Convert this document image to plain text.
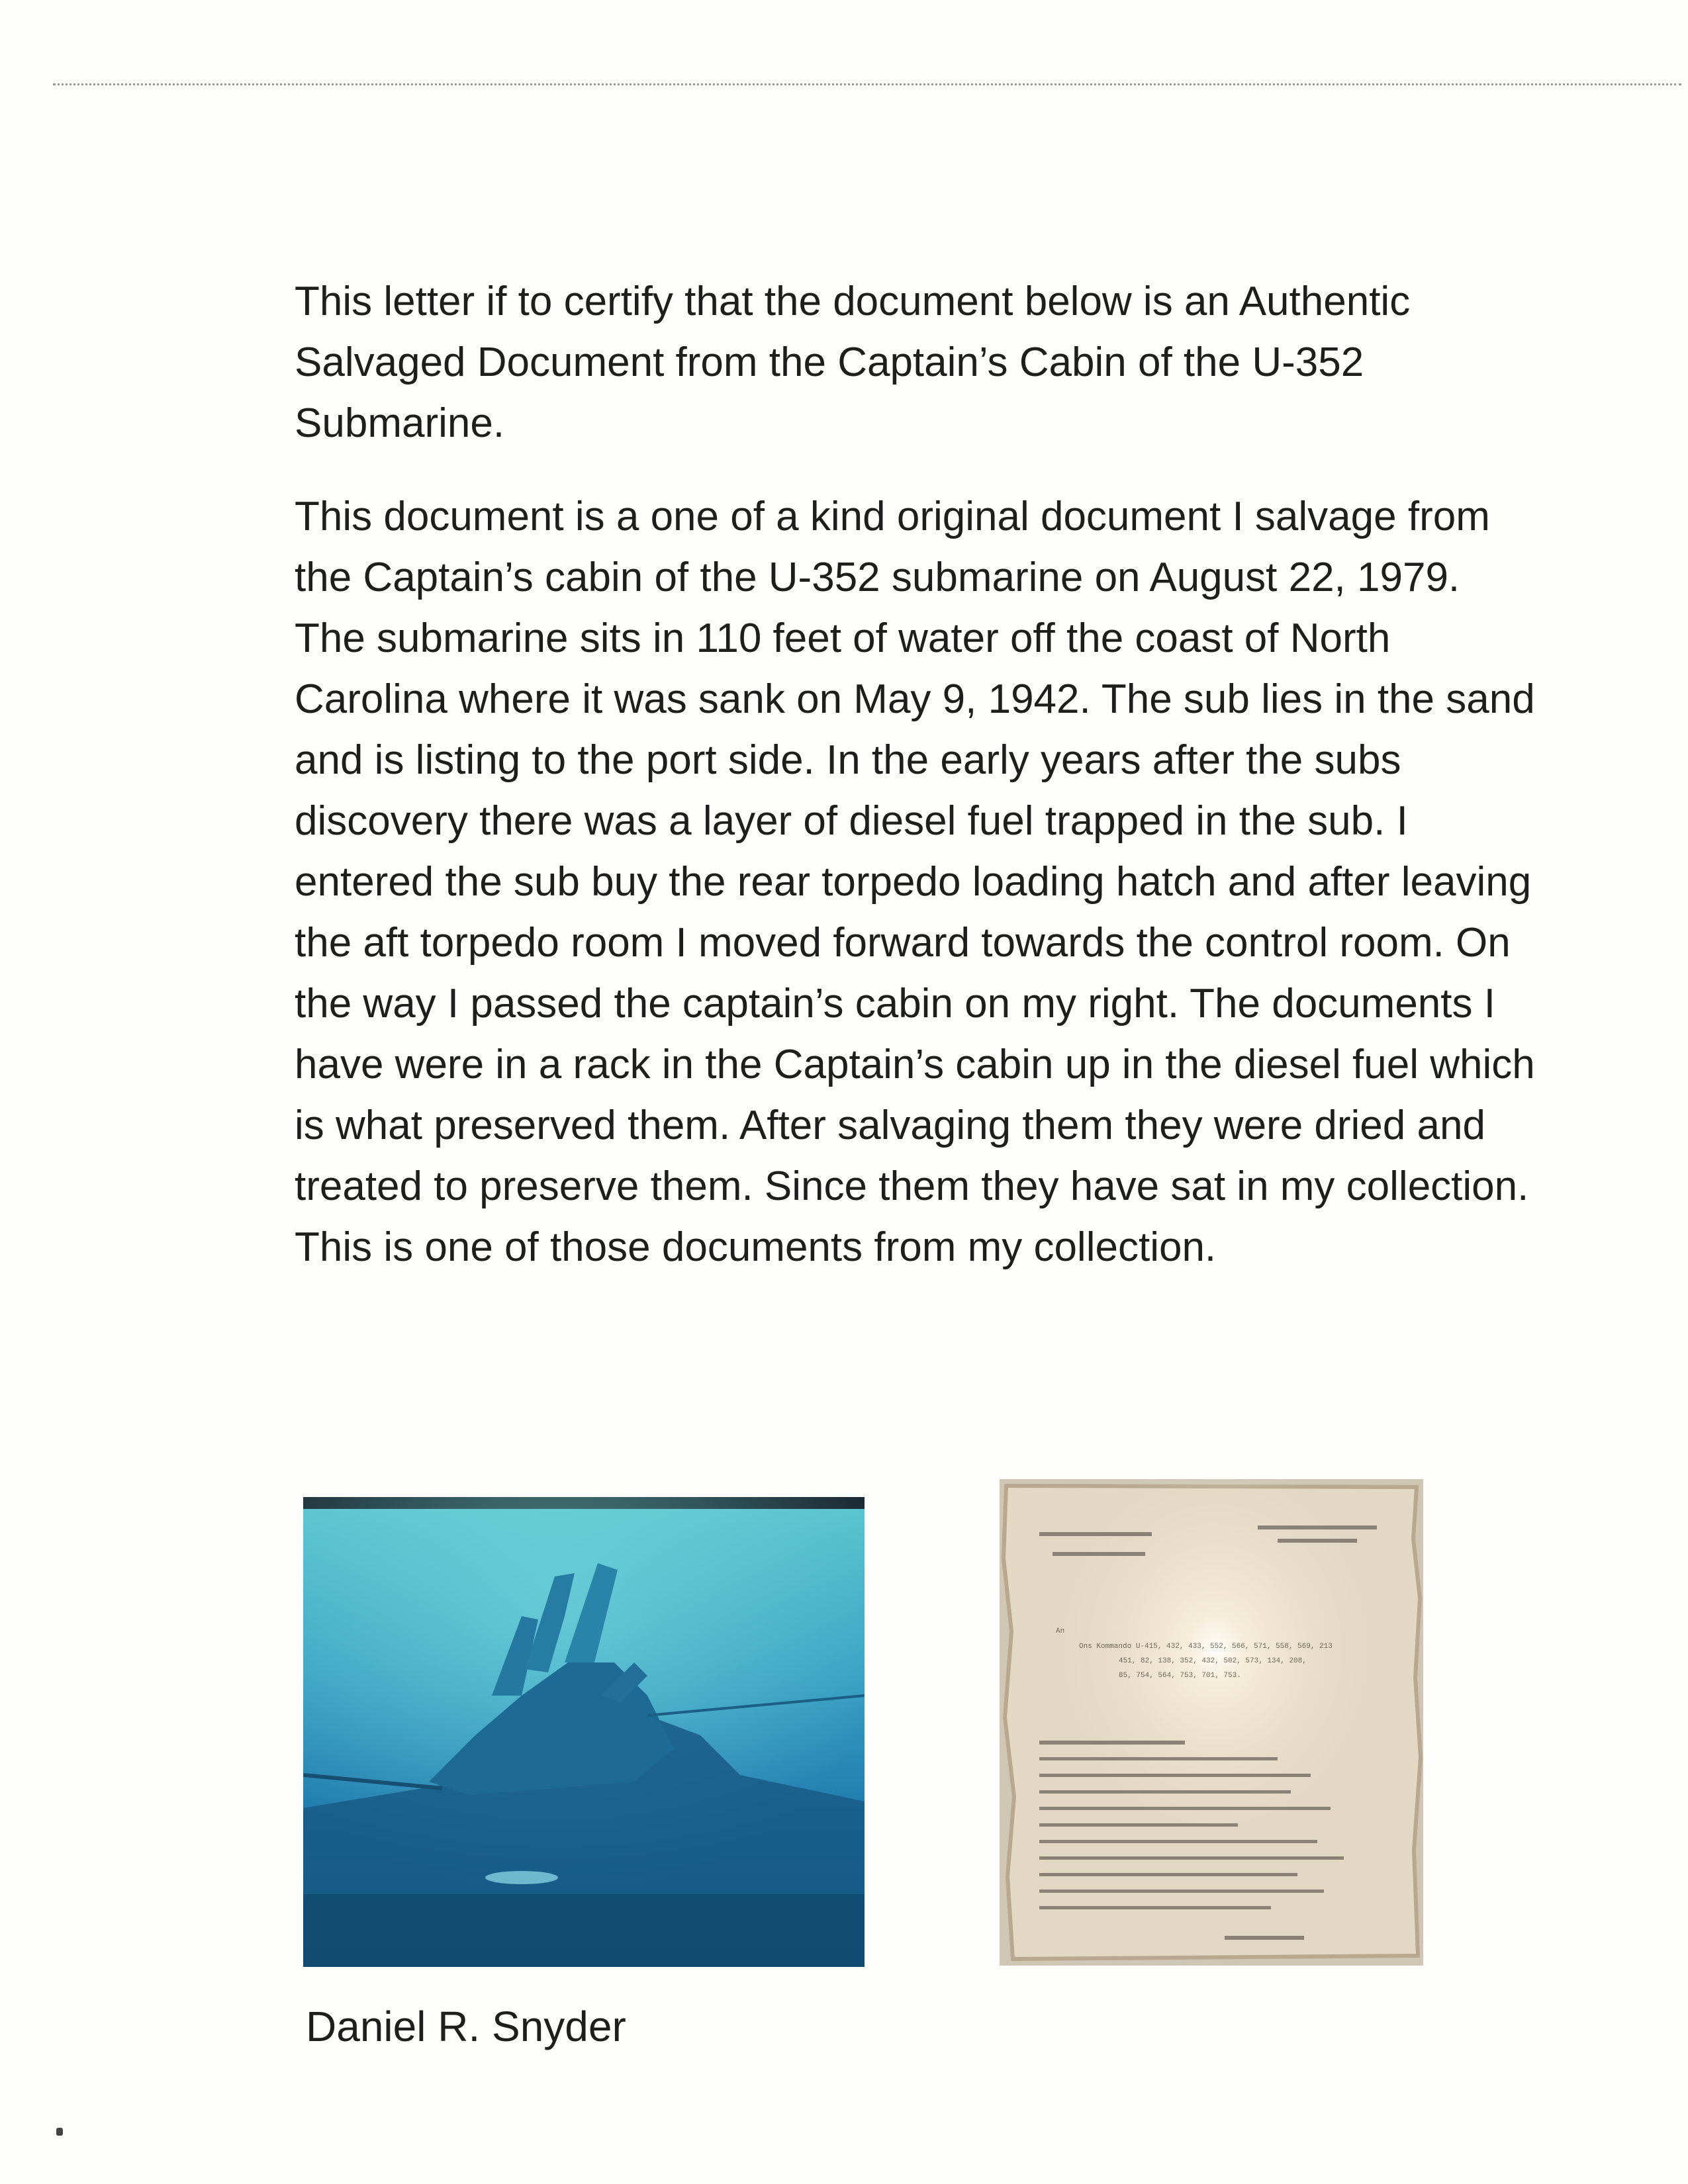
This letter if to certify that the document below is an Authentic Salvaged Document from the Captain’s Cabin of the U-352 Submarine.

This document is a one of a kind original document I salvage from the Captain’s cabin of the U-352 submarine on August 22, 1979. The submarine sits in 110 feet of water off the coast of North Carolina where it was sank on May 9, 1942. The sub lies in the sand and is listing to the port side. In the early years after the subs discovery there was a layer of diesel fuel trapped in the sub. I entered the sub buy the rear torpedo loading hatch and after leaving the aft torpedo room I moved forward towards the control room. On the way I passed the captain’s cabin on my right. The documents I have were in a rack in the Captain’s cabin up in the diesel fuel which is what preserved them. After salvaging them they were dried and treated to preserve them. Since them they have sat in my collection. This is one of those documents from my collection.

An
Ons Kommando U-415, 432, 433, 552, 566, 571, 558, 569, 213
451, 82, 138, 352, 432, 502, 573, 134, 208,
85, 754, 564, 753, 701, 753.

Daniel R. Snyder
